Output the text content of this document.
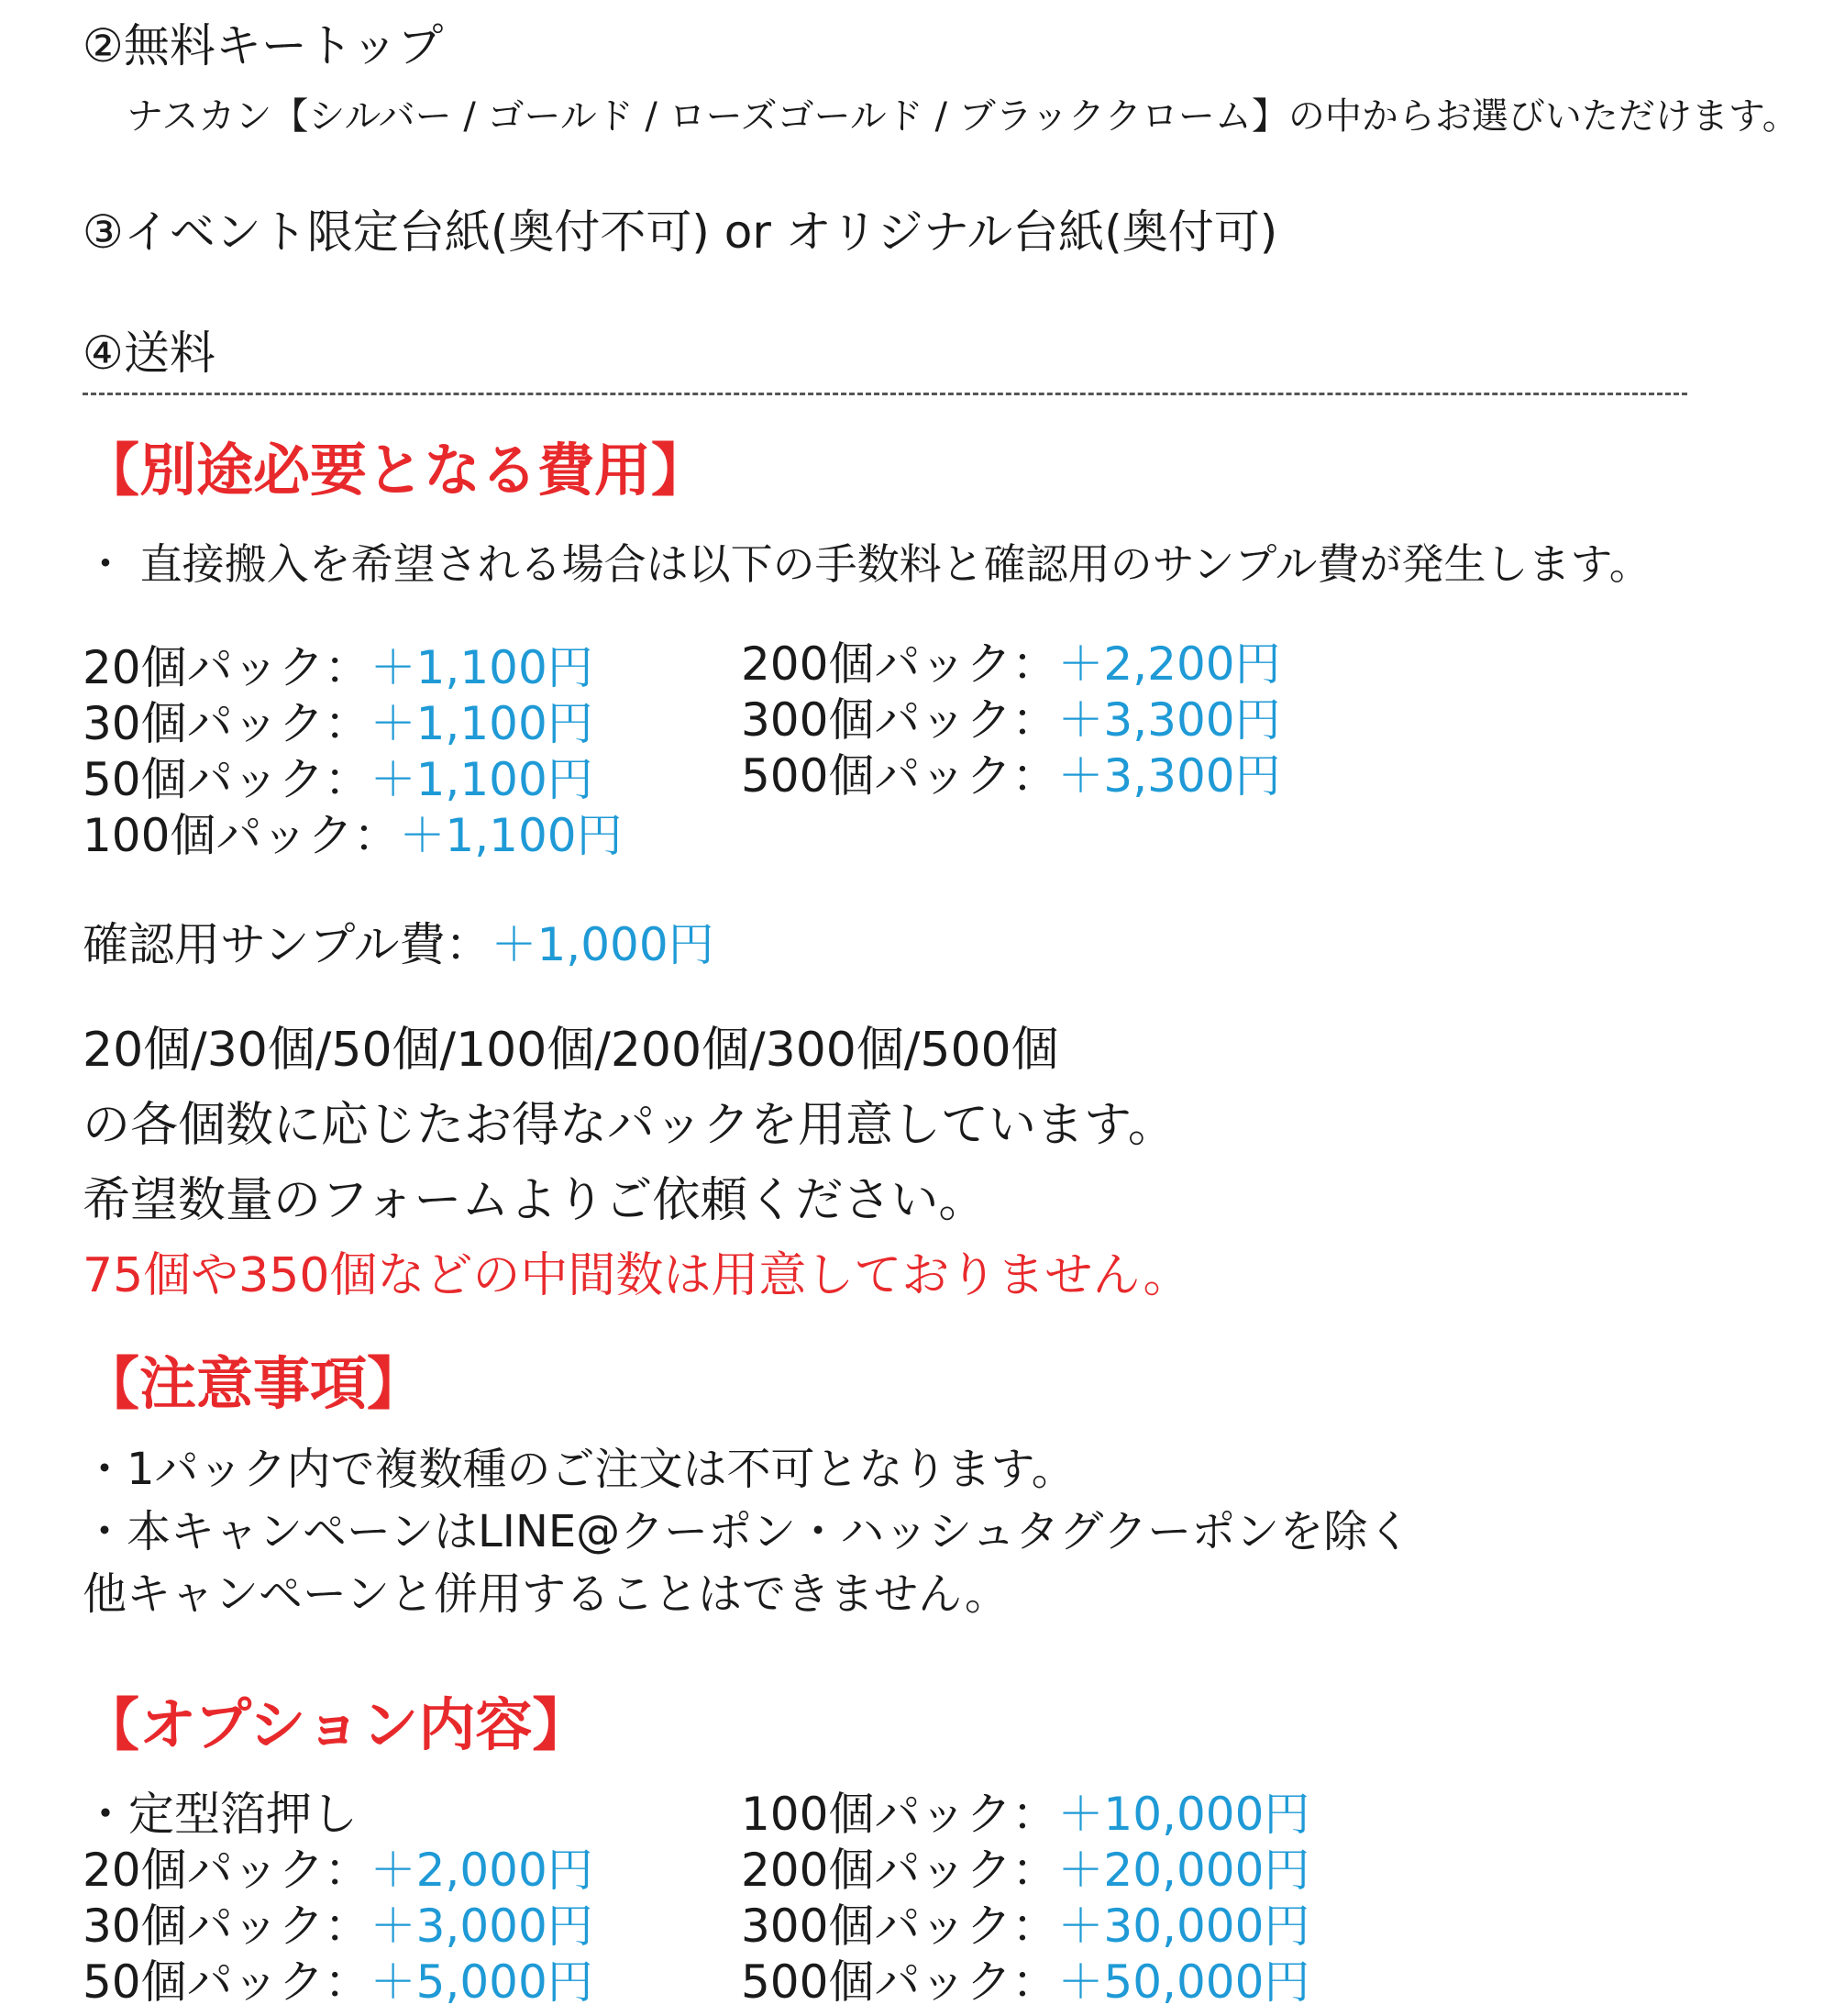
②無料キートップ
ナスカン【シルバー / ゴールド / ローズゴールド / ブラッククローム】の中からお選びいただけます。
③イベント限定台紙(奥付不可) or オリジナル台紙(奥付可)
④送料
【別途必要となる費用】
・ 直接搬入を希望される場合は以下の手数料と確認用のサンプル費が発生します。
20個パック：＋1,100円
30個パック：＋1,100円
50個パック：＋1,100円
100個パック：＋1,100円
200個パック：＋2,200円
300個パック：＋3,300円
500個パック：＋3,300円
確認用サンプル費：＋1,000円
20個/30個/50個/100個/200個/300個/500個
の各個数に応じたお得なパックを用意しています。
希望数量のフォームよりご依頼ください。
75個や350個などの中間数は用意しておりません。
【注意事項】
・1パック内で複数種のご注文は不可となります。
・本キャンペーンはLINE@クーポン・ハッシュタグクーポンを除く
他キャンペーンと併用することはできません。
【オプション内容】
・定型箔押し
20個パック：＋2,000円
30個パック：＋3,000円
50個パック：＋5,000円
100個パック：＋10,000円
200個パック：＋20,000円
300個パック：＋30,000円
500個パック：＋50,000円
